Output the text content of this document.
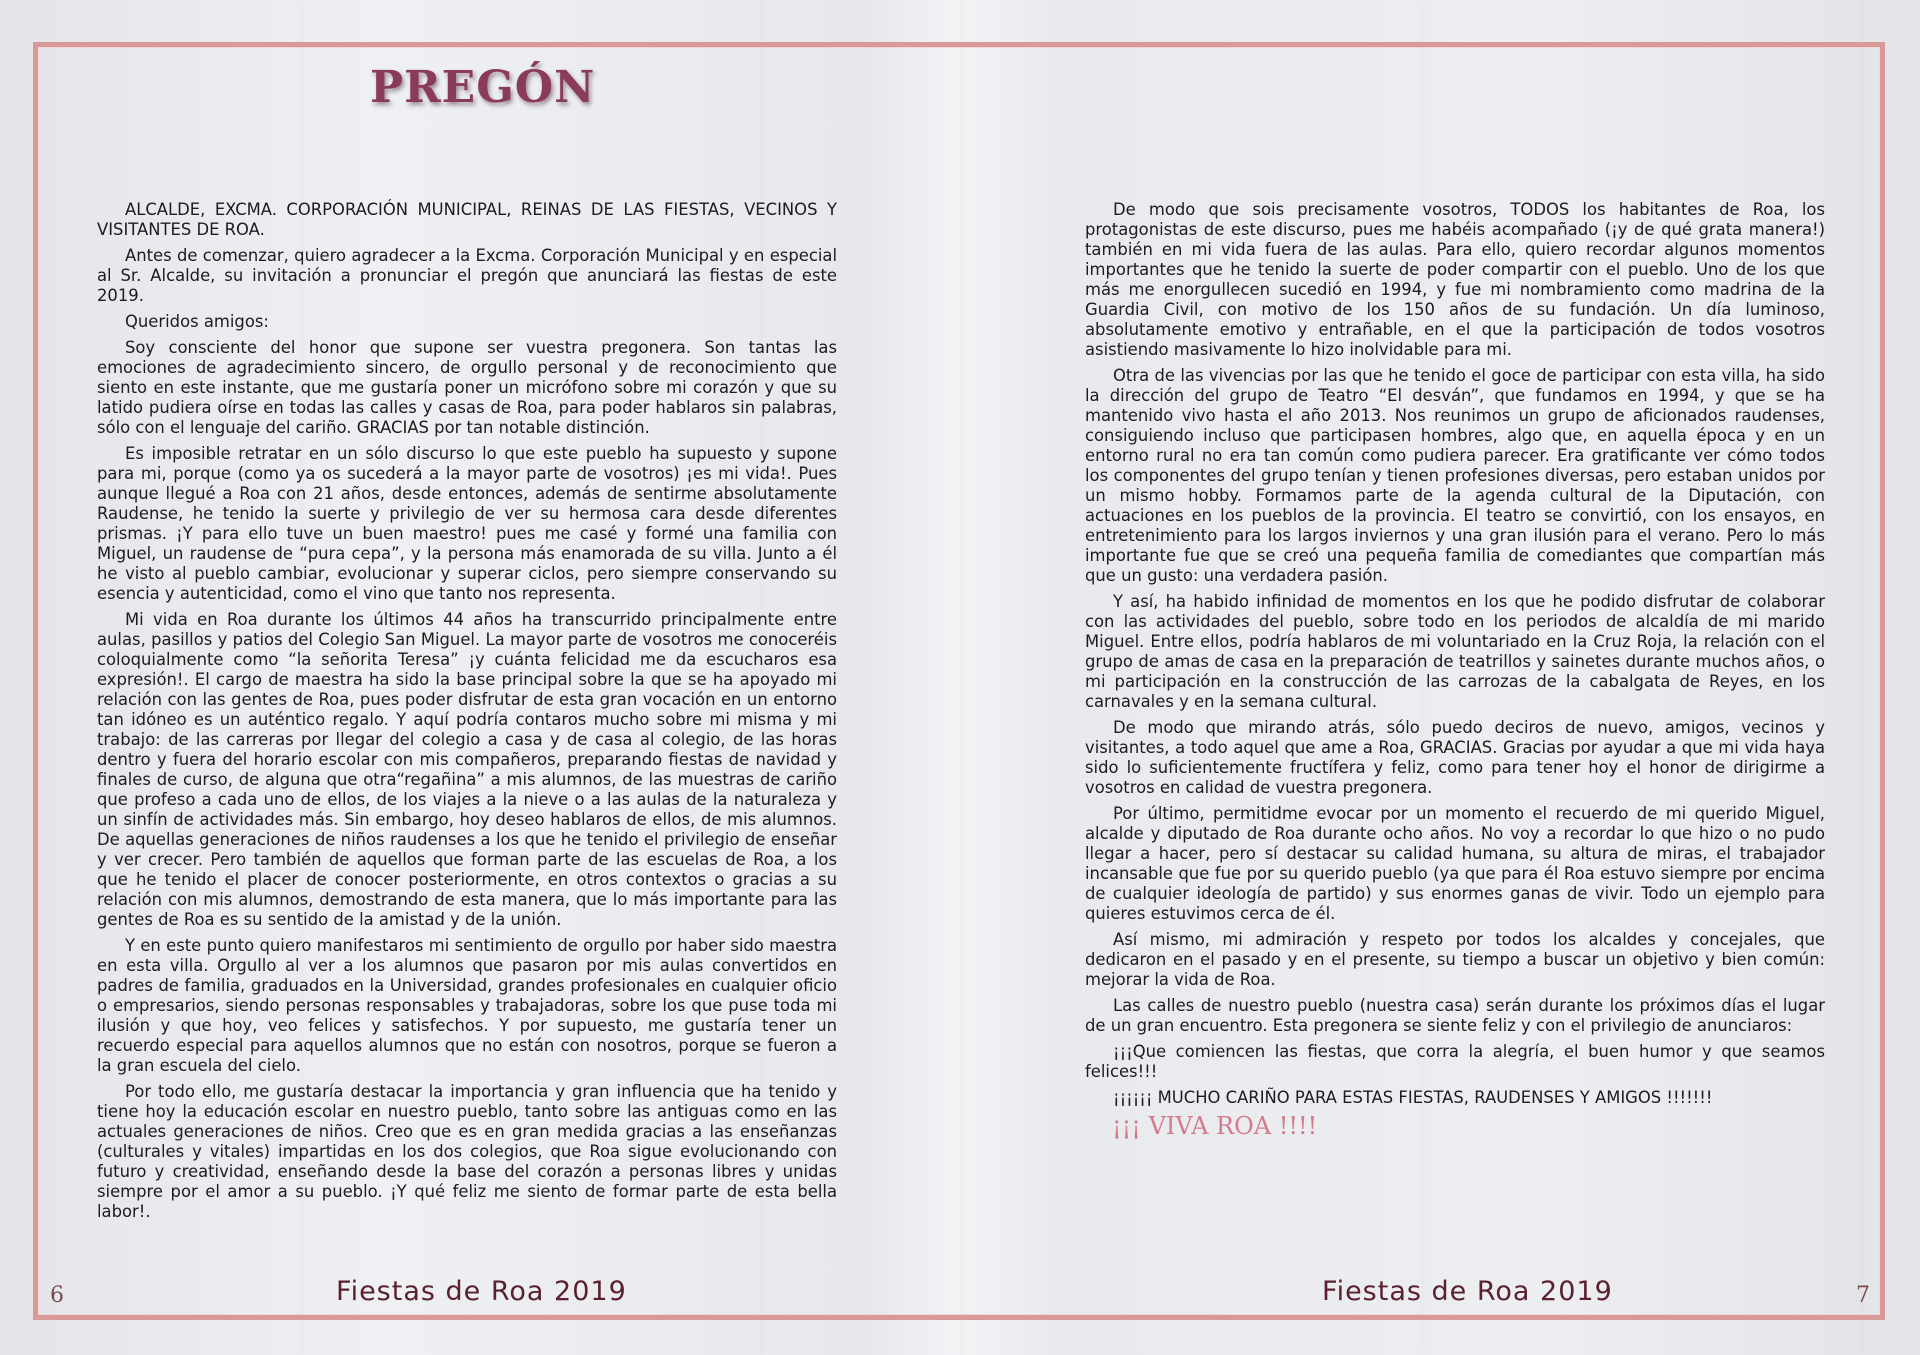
PREGÓN

ALCALDE, EXCMA. CORPORACIÓN MUNICIPAL, REINAS DE LAS FIESTAS, VECINOS Y VISITANTES DE ROA.

Antes de comenzar, quiero agradecer a la Excma. Corporación Municipal y en especial al Sr. Alcalde, su invitación a pronunciar el pregón que anunciará las fiestas de este 2019.

Queridos amigos:

Soy consciente del honor que supone ser vuestra pregonera. Son tantas las emociones de agradecimiento sincero, de orgullo personal y de reconocimiento que siento en este instante, que me gustaría poner un micrófono sobre mi corazón y que su latido pudiera oírse en todas las calles y casas de Roa, para poder hablaros sin palabras, sólo con el lenguaje del cariño. GRACIAS por tan notable distinción.

Es imposible retratar en un sólo discurso lo que este pueblo ha supuesto y supone para mi, porque (como ya os sucederá a la mayor parte de vosotros) ¡es mi vida!. Pues aunque llegué a Roa con 21 años, desde entonces, además de sentirme absolutamente Raudense, he tenido la suerte y privilegio de ver su hermosa cara desde diferentes prismas. ¡Y para ello tuve un buen maestro! pues me casé y formé una familia con Miguel, un raudense de “pura cepa”, y la persona más enamorada de su villa. Junto a él he visto al pueblo cambiar, evolucionar y superar ciclos, pero siempre conservando su esencia y autenticidad, como el vino que tanto nos representa.

Mi vida en Roa durante los últimos 44 años ha transcurrido principalmente entre aulas, pasillos y patios del Colegio San Miguel. La mayor parte de vosotros me conoceréis coloquialmente como “la señorita Teresa” ¡y cuánta felicidad me da escucharos esa expresión!. El cargo de maestra ha sido la base principal sobre la que se ha apoyado mi relación con las gentes de Roa, pues poder disfrutar de esta gran vocación en un entorno tan idóneo es un auténtico regalo. Y aquí podría contaros mucho sobre mi misma y mi trabajo: de las carreras por llegar del colegio a casa y de casa al colegio, de las horas dentro y fuera del horario escolar con mis compañeros, preparando fiestas de navidad y finales de curso, de alguna que otra“regañina” a mis alumnos, de las muestras de cariño que profeso a cada uno de ellos, de los viajes a la nieve o a las aulas de la naturaleza y un sinfín de actividades más. Sin embargo, hoy deseo hablaros de ellos, de mis alumnos. De aquellas generaciones de niños raudenses a los que he tenido el privilegio de enseñar y ver crecer. Pero también de aquellos que forman parte de las escuelas de Roa, a los que he tenido el placer de conocer posteriormente, en otros contextos o gracias a su relación con mis alumnos, demostrando de esta manera, que lo más importante para las gentes de Roa es su sentido de la amistad y de la unión.

Y en este punto quiero manifestaros mi sentimiento de orgullo por haber sido maestra en esta villa. Orgullo al ver a los alumnos que pasaron por mis aulas convertidos en padres de familia, graduados en la Universidad, grandes profesionales en cualquier oficio o empresarios, siendo personas responsables y trabajadoras, sobre los que puse toda mi ilusión y que hoy, veo felices y satisfechos. Y por supuesto, me gustaría tener un recuerdo especial para aquellos alumnos que no están con nosotros, porque se fueron a la gran escuela del cielo.

Por todo ello, me gustaría destacar la importancia y gran influencia que ha tenido y tiene hoy la educación escolar en nuestro pueblo, tanto sobre las antiguas como en las actuales generaciones de niños. Creo que es en gran medida gracias a las enseñanzas (culturales y vitales) impartidas en los dos colegios, que Roa sigue evolucionando con futuro y creatividad, enseñando desde la base del corazón a personas libres y unidas siempre por el amor a su pueblo. ¡Y qué feliz me siento de formar parte de esta bella labor!.

De modo que sois precisamente vosotros, TODOS los habitantes de Roa, los protagonistas de este discurso, pues me habéis acompañado (¡y de qué grata manera!) también en mi vida fuera de las aulas. Para ello, quiero recordar algunos momentos importantes que he tenido la suerte de poder compartir con el pueblo. Uno de los que más me enorgullecen sucedió en 1994, y fue mi nombramiento como madrina de la Guardia Civil, con motivo de los 150 años de su fundación. Un día luminoso, absolutamente emotivo y entrañable, en el que la participación de todos vosotros asistiendo masivamente lo hizo inolvidable para mi.

Otra de las vivencias por las que he tenido el goce de participar con esta villa, ha sido la dirección del grupo de Teatro “El desván”, que fundamos en 1994, y que se ha mantenido vivo hasta el año 2013. Nos reunimos un grupo de aficionados raudenses, consiguiendo incluso que participasen hombres, algo que, en aquella época y en un entorno rural no era tan común como pudiera parecer. Era gratificante ver cómo todos los componentes del grupo tenían y tienen profesiones diversas, pero estaban unidos por un mismo hobby. Formamos parte de la agenda cultural de la Diputación, con actuaciones en los pueblos de la provincia. El teatro se convirtió, con los ensayos, en entretenimiento para los largos inviernos y una gran ilusión para el verano. Pero lo más importante fue que se creó una pequeña familia de comediantes que compartían más que un gusto: una verdadera pasión.

Y así, ha habido infinidad de momentos en los que he podido disfrutar de colaborar con las actividades del pueblo, sobre todo en los periodos de alcaldía de mi marido Miguel. Entre ellos, podría hablaros de mi voluntariado en la Cruz Roja, la relación con el grupo de amas de casa en la preparación de teatrillos y sainetes durante muchos años, o mi participación en la construcción de las carrozas de la cabalgata de Reyes, en los carnavales y en la semana cultural.

De modo que mirando atrás, sólo puedo deciros de nuevo, amigos, vecinos y visitantes, a todo aquel que ame a Roa, GRACIAS. Gracias por ayudar a que mi vida haya sido lo suficientemente fructífera y feliz, como para tener hoy el honor de dirigirme a vosotros en calidad de vuestra pregonera.

Por último, permitidme evocar por un momento el recuerdo de mi querido Miguel, alcalde y diputado de Roa durante ocho años. No voy a recordar lo que hizo o no pudo llegar a hacer, pero sí destacar su calidad humana, su altura de miras, el trabajador incansable que fue por su querido pueblo (ya que para él Roa estuvo siempre por encima de cualquier ideología de partido) y sus enormes ganas de vivir. Todo un ejemplo para quieres estuvimos cerca de él.

Así mismo, mi admiración y respeto por todos los alcaldes y concejales, que dedicaron en el pasado y en el presente, su tiempo a buscar un objetivo y bien común: mejorar la vida de Roa.

Las calles de nuestro pueblo (nuestra casa) serán durante los próximos días el lugar de un gran encuentro. Esta pregonera se siente feliz y con el privilegio de anunciaros:

¡¡¡Que comiencen las fiestas, que corra la alegría, el buen humor y que seamos felices!!!

¡¡¡¡¡¡ MUCHO CARIÑO PARA ESTAS FIESTAS, RAUDENSES Y AMIGOS !!!!!!!

¡¡¡ VIVA ROA !!!!
6	Fiestas de Roa 2019	Fiestas de Roa 2019	7
